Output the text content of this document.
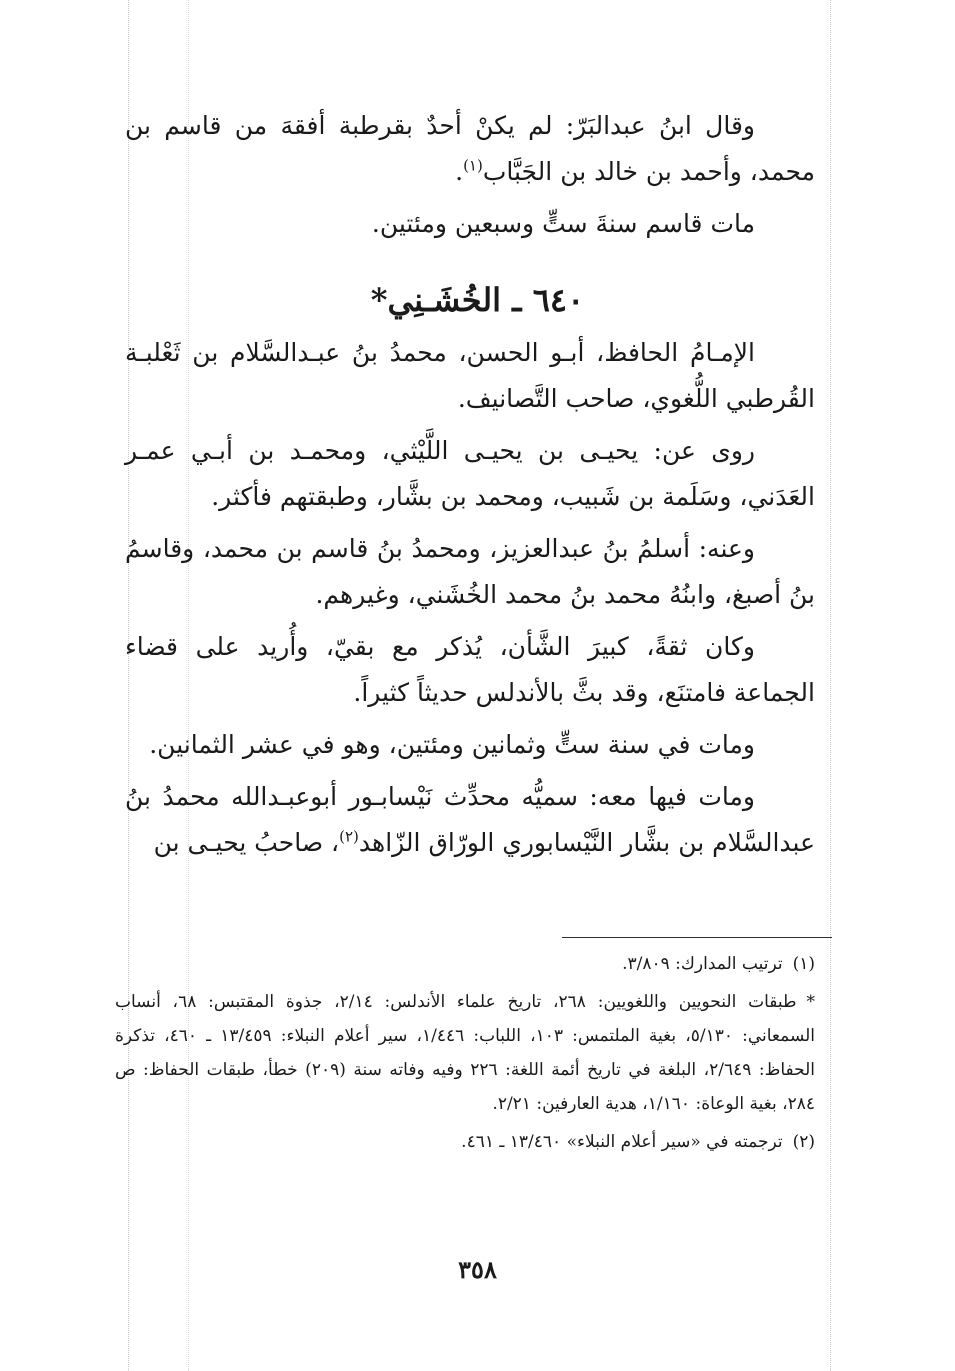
وقال ابنُ عبدالبَرّ: لم يكنْ أحدٌ بقرطبة أفقهَ من قاسم بن محمد، وأحمد بن خالد بن الجَبَّاب$^{(١)}$.

مات قاسم سنةَ ستٍّ وسبعين ومئتين.

٦٤٠ ـ الخُشَـنِي*

الإمـامُ الحافظ، أبـو الحسن، محمدُ بنُ عبـدالسَّلام بن ثَعْلبـة القُرطبي اللُّغوي، صاحب التَّصانيف.

روى عن: يحيـى بن يحيـى اللَّيْثي، ومحمـد بن أبـي عمـر العَدَني، وسَلَمة بن شَبيب، ومحمد بن بشَّار، وطبقتهم فأكثر.

وعنه: أسلمُ بنُ عبدالعزيز، ومحمدُ بنُ قاسم بن محمد، وقاسمُ بنُ أصبغ، وابنُهُ محمد بنُ محمد الخُشَني، وغيرهم.

وكان ثقةً، كبيرَ الشَّأن، يُذكر مع بقيّ، وأُريد على قضاء الجماعة فامتنَع، وقد بثَّ بالأندلس حديثاً كثيراً.

ومات في سنة ستٍّ وثمانين ومئتين، وهو في عشر الثمانين.

ومات فيها معه: سميُّه محدِّث نَيْسابـور أبوعبـدالله محمدُ بنُ عبدالسَّلام بن بشَّار النَّيْسابوري الورّاق الزّاهد$^{(٢)}$، صاحبُ يحيـى بن

(١)ترتيب المدارك: ٣/٨٠٩.

*طبقات النحويين واللغويين: ٢٦٨، تاريخ علماء الأندلس: ٢/١٤، جذوة المقتبس: ٦٨، أنساب السمعاني: ٥/١٣٠، بغية الملتمس: ١٠٣، اللباب: ١/٤٤٦، سير أعلام النبلاء: ١٣/٤٥٩ ـ ٤٦٠، تذكرة الحفاظ: ٢/٦٤٩، البلغة في تاريخ أئمة اللغة: ٢٢٦ وفيه وفاته سنة (٢٠٩) خطأ، طبقات الحفاظ: ص ٢٨٤، بغية الوعاة: ١/١٦٠، هدية العارفين: ٢/٢١.

(٢)ترجمته في «سير أعلام النبلاء» ١٣/٤٦٠ ـ ٤٦١.

٣٥٨
